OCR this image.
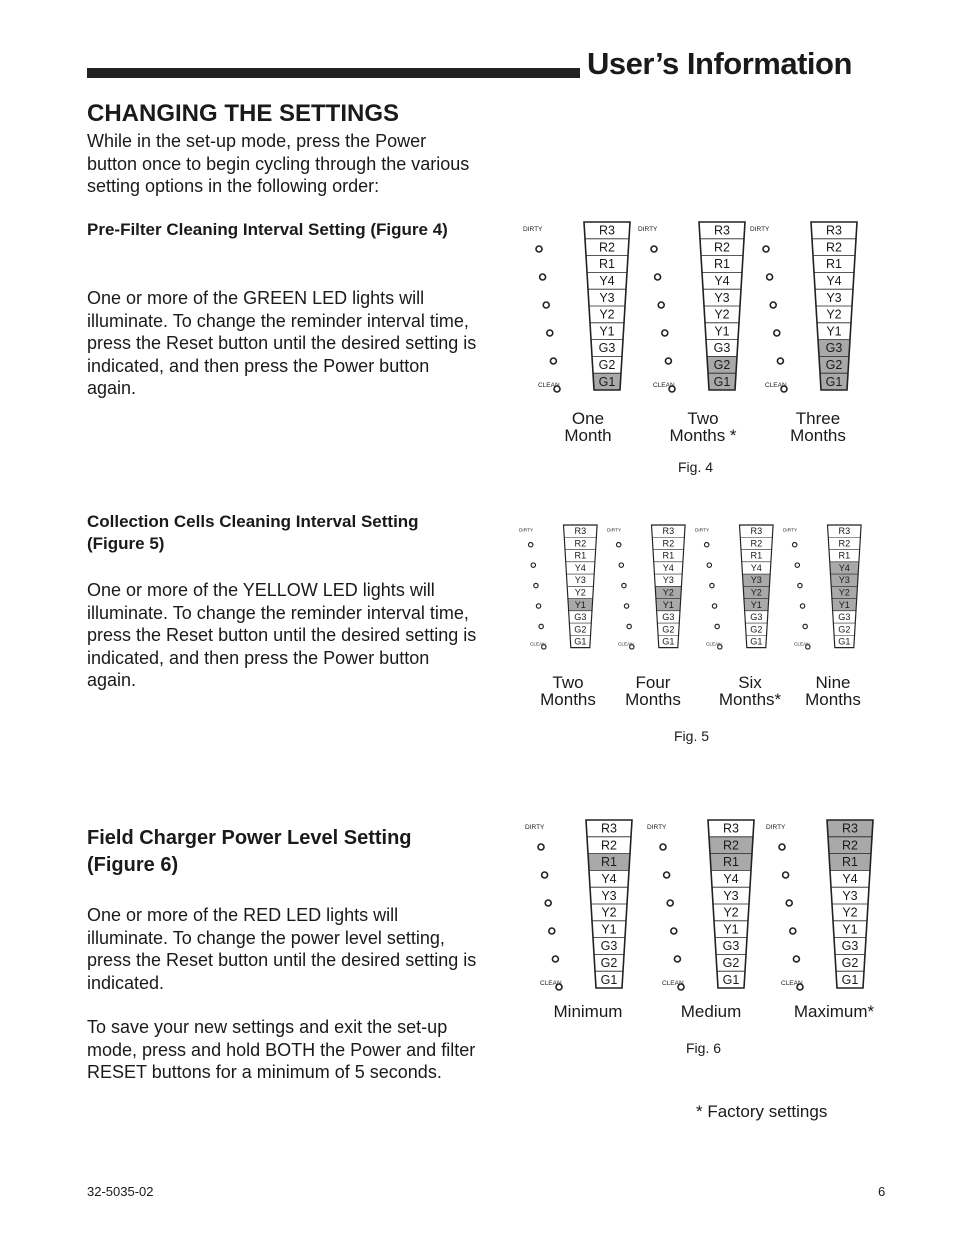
User’s Information
CHANGING THE SETTINGS
While in the set-up mode, press the Power button once to begin cycling through the various setting options in the following order:
Pre-Filter Cleaning Interval Setting (Figure 4)
One or more of the GREEN LED lights will illuminate. To change the reminder interval time, press the Reset button until the desired setting is indicated, and then press the Power button again.
Collection Cells Cleaning Interval Setting (Figure 5)
One or more of the YELLOW LED lights will illuminate. To change the reminder interval time, press the Reset button until the desired setting is indicated, and then press the Power button again.
Field Charger Power Level Setting (Figure 6)
One or more of the RED LED lights will illuminate. To change the power level setting, press the Reset button until the desired setting is indicated.
To save your new settings and exit the set-up mode, press and hold BOTH the Power and filter RESET buttons for a minimum of 5 seconds.
R3
R2
R1
Y4
Y3
Y2
Y1
G3
G2
G1
DIRTY
CLEAN
R3
R2
R1
Y4
Y3
Y2
Y1
G3
G2
G1
DIRTY
CLEAN
R3
R2
R1
Y4
Y3
Y2
Y1
G3
G2
G1
DIRTY
CLEAN
One
Month
Two
Months *
Three
Months
Fig. 4
R3
R2
R1
Y4
Y3
Y2
Y1
G3
G2
G1
DIRTY
CLEAN
R3
R2
R1
Y4
Y3
Y2
Y1
G3
G2
G1
DIRTY
CLEAN
R3
R2
R1
Y4
Y3
Y2
Y1
G3
G2
G1
DIRTY
CLEAN
R3
R2
R1
Y4
Y3
Y2
Y1
G3
G2
G1
DIRTY
CLEAN
Two
Months
Four
Months
Six
Months*
Nine
Months
Fig. 5
R3
R2
R1
Y4
Y3
Y2
Y1
G3
G2
G1
DIRTY
CLEAN
R3
R2
R1
Y4
Y3
Y2
Y1
G3
G2
G1
DIRTY
CLEAN
R3
R2
R1
Y4
Y3
Y2
Y1
G3
G2
G1
DIRTY
CLEAN
Minimum	Medium	Maximum*
Fig. 6
* Factory settings
32-5035-02	6
